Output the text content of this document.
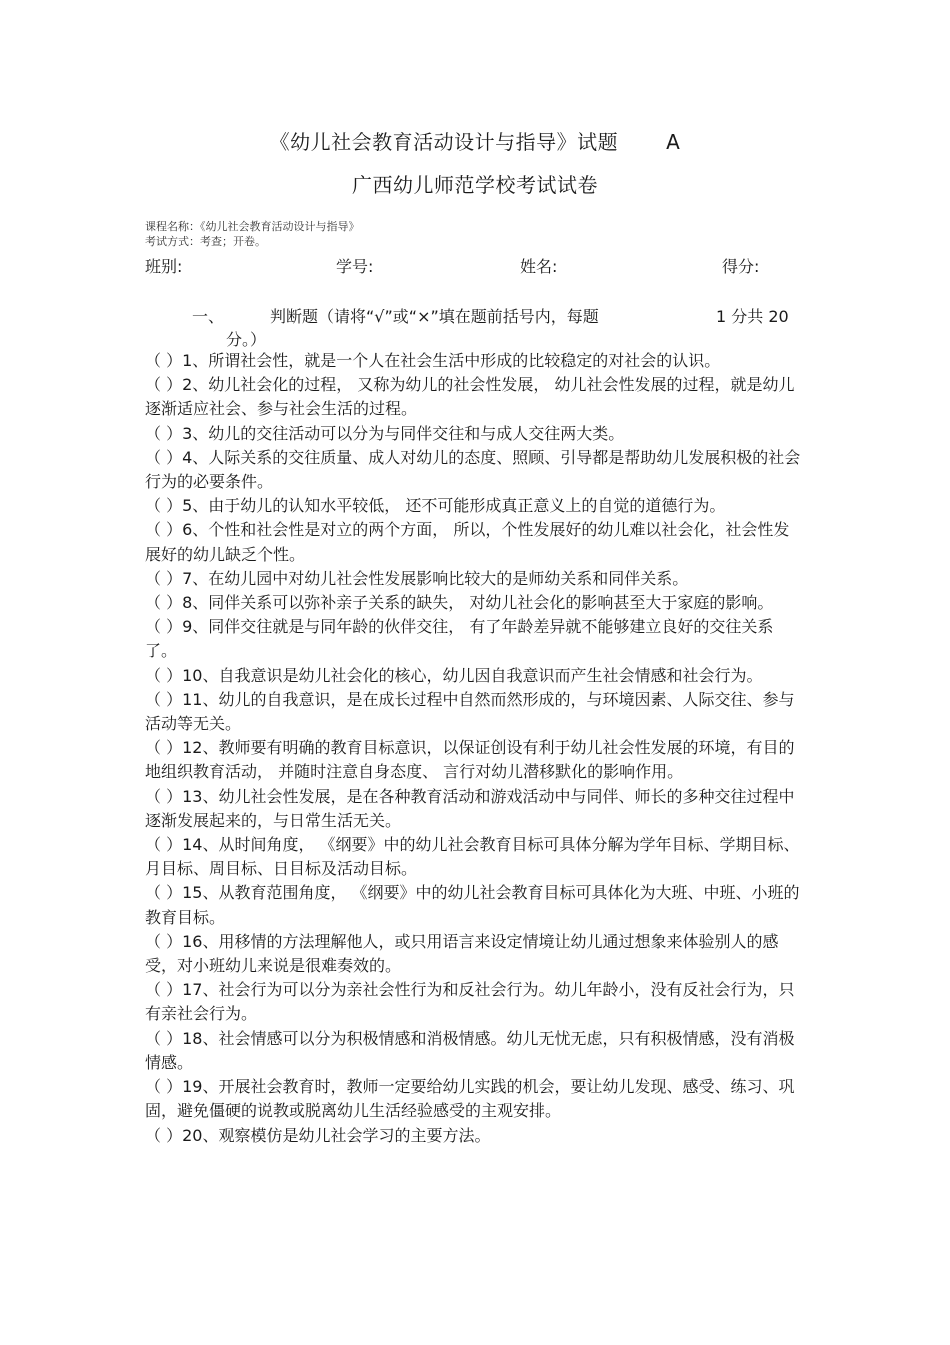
《幼儿社会教育活动设计与指导》试题 A
广西幼儿师范学校考试试卷
课程名称：《幼儿社会教育活动设计与指导》
考试方式：考查；开卷。
班别:	学号:	姓名:	得分:
一、	判断题（请将“√”或“×”填在题前括号内，每题	1 分共 20
分。）

（ ）1、所谓社会性，就是一个人在社会生活中形成的比较稳定的对社会的认识。

（ ）2、幼儿社会化的过程， 又称为幼儿的社会性发展， 幼儿社会性发展的过程，就是幼儿逐渐适应社会、参与社会生活的过程。

（ ）3、幼儿的交往活动可以分为与同伴交往和与成人交往两大类。

（ ）4、人际关系的交往质量、成人对幼儿的态度、照顾、引导都是帮助幼儿发展积极的社会行为的必要条件。

（ ）5、由于幼儿的认知水平较低， 还不可能形成真正意义上的自觉的道德行为。

（ ）6、个性和社会性是对立的两个方面， 所以，个性发展好的幼儿难以社会化，社会性发展好的幼儿缺乏个性。

（ ）7、在幼儿园中对幼儿社会性发展影响比较大的是师幼关系和同伴关系。

（ ）8、同伴关系可以弥补亲子关系的缺失， 对幼儿社会化的影响甚至大于家庭的影响。

（ ）9、同伴交往就是与同年龄的伙伴交往， 有了年龄差异就不能够建立良好的交往关系了。

（ ）10、自我意识是幼儿社会化的核心，幼儿因自我意识而产生社会情感和社会行为。

（ ）11、幼儿的自我意识，是在成长过程中自然而然形成的，与环境因素、人际交往、参与活动等无关。

（ ）12、教师要有明确的教育目标意识，以保证创设有利于幼儿社会性发展的环境，有目的地组织教育活动， 并随时注意自身态度、 言行对幼儿潜移默化的影响作用。

（ ）13、幼儿社会性发展，是在各种教育活动和游戏活动中与同伴、师长的多种交往过程中逐渐发展起来的，与日常生活无关。

（ ）14、从时间角度， 《纲要》中的幼儿社会教育目标可具体分解为学年目标、学期目标、月目标、周目标、日目标及活动目标。

（ ）15、从教育范围角度， 《纲要》中的幼儿社会教育目标可具体化为大班、中班、小班的教育目标。

（ ）16、用移情的方法理解他人，或只用语言来设定情境让幼儿通过想象来体验别人的感受，对小班幼儿来说是很难奏效的。

（ ）17、社会行为可以分为亲社会性行为和反社会行为。幼儿年龄小，没有反社会行为，只有亲社会行为。

（ ）18、社会情感可以分为积极情感和消极情感。幼儿无忧无虑，只有积极情感，没有消极情感。

（ ）19、开展社会教育时，教师一定要给幼儿实践的机会，要让幼儿发现、感受、练习、巩固，避免僵硬的说教或脱离幼儿生活经验感受的主观安排。

（ ）20、观察模仿是幼儿社会学习的主要方法。
